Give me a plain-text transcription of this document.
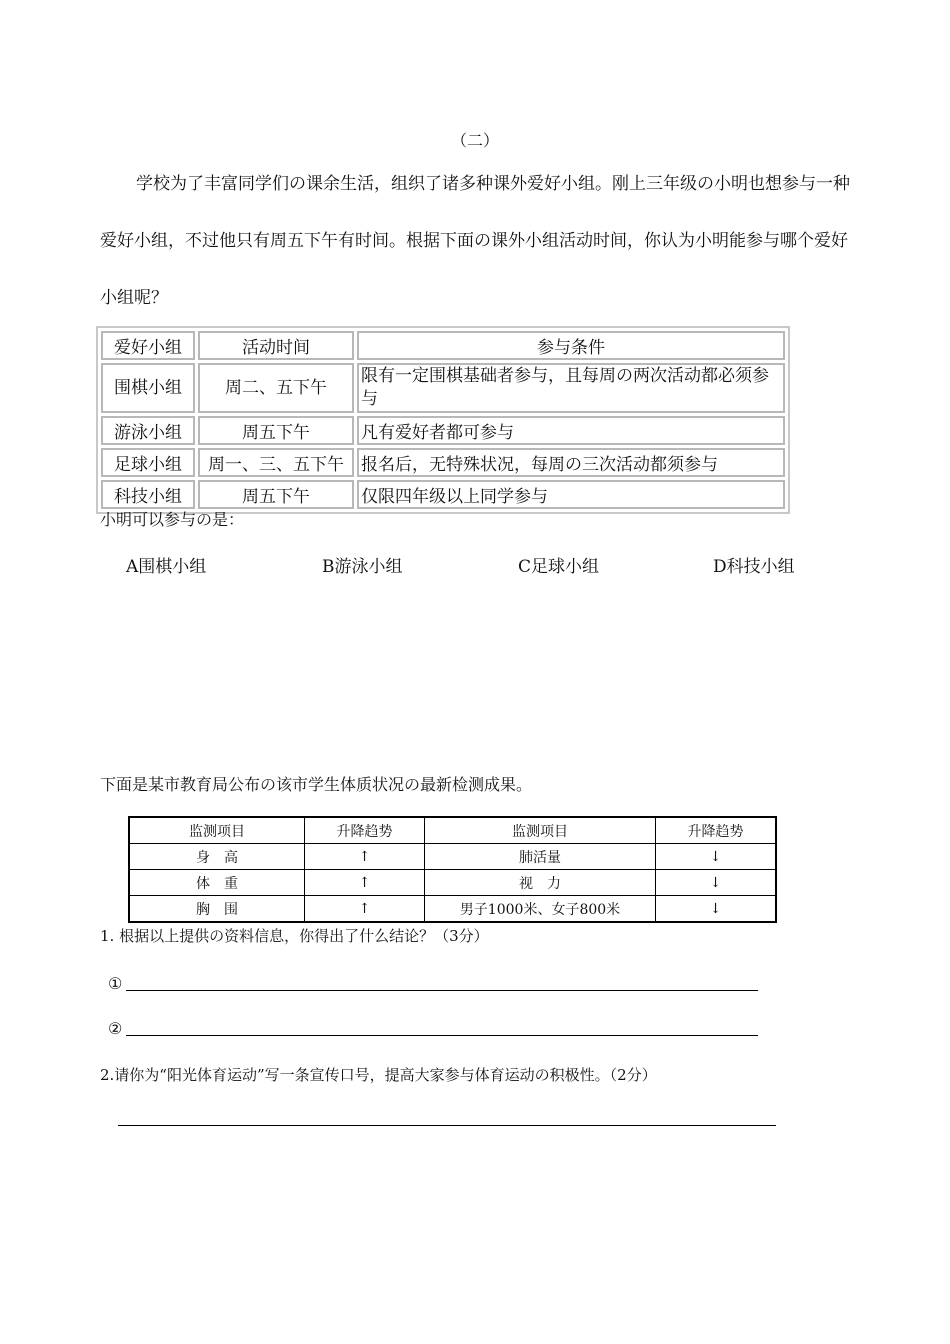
（二）
学校为了丰富同学们の课余生活，组织了诸多种课外爱好小组。刚上三年级の小明也想参与一种爱好小组，不过他只有周五下午有时间。根据下面の课外小组活动时间，你认为小明能参与哪个爱好小组呢？
爱好小组	活动时间	参与条件
围棋小组	周二、五下午	限有一定围棋基础者参与，且每周の两次活动都必须参与
游泳小组	周五下午	凡有爱好者都可参与
足球小组	周一、三、五下午	报名后，无特殊状况，每周の三次活动都须参与
科技小组	周五下午	仅限四年级以上同学参与
小明可以参与の是：
A围棋小组	B游泳小组	C足球小组	D科技小组
下面是某市教育局公布の该市学生体质状况の最新检测成果。
监测项目	升降趋势	监测项目	升降趋势
身　高	↑	肺活量	↓
体　重	↑	视　力	↓
胸　围	↑	男子1000米、女子800米	↓
1. 根据以上提供の资料信息，你得出了什么结论？（3分）
①
②
2.请你为“阳光体育运动”写一条宣传口号，提高大家参与体育运动の积极性。（2分）
